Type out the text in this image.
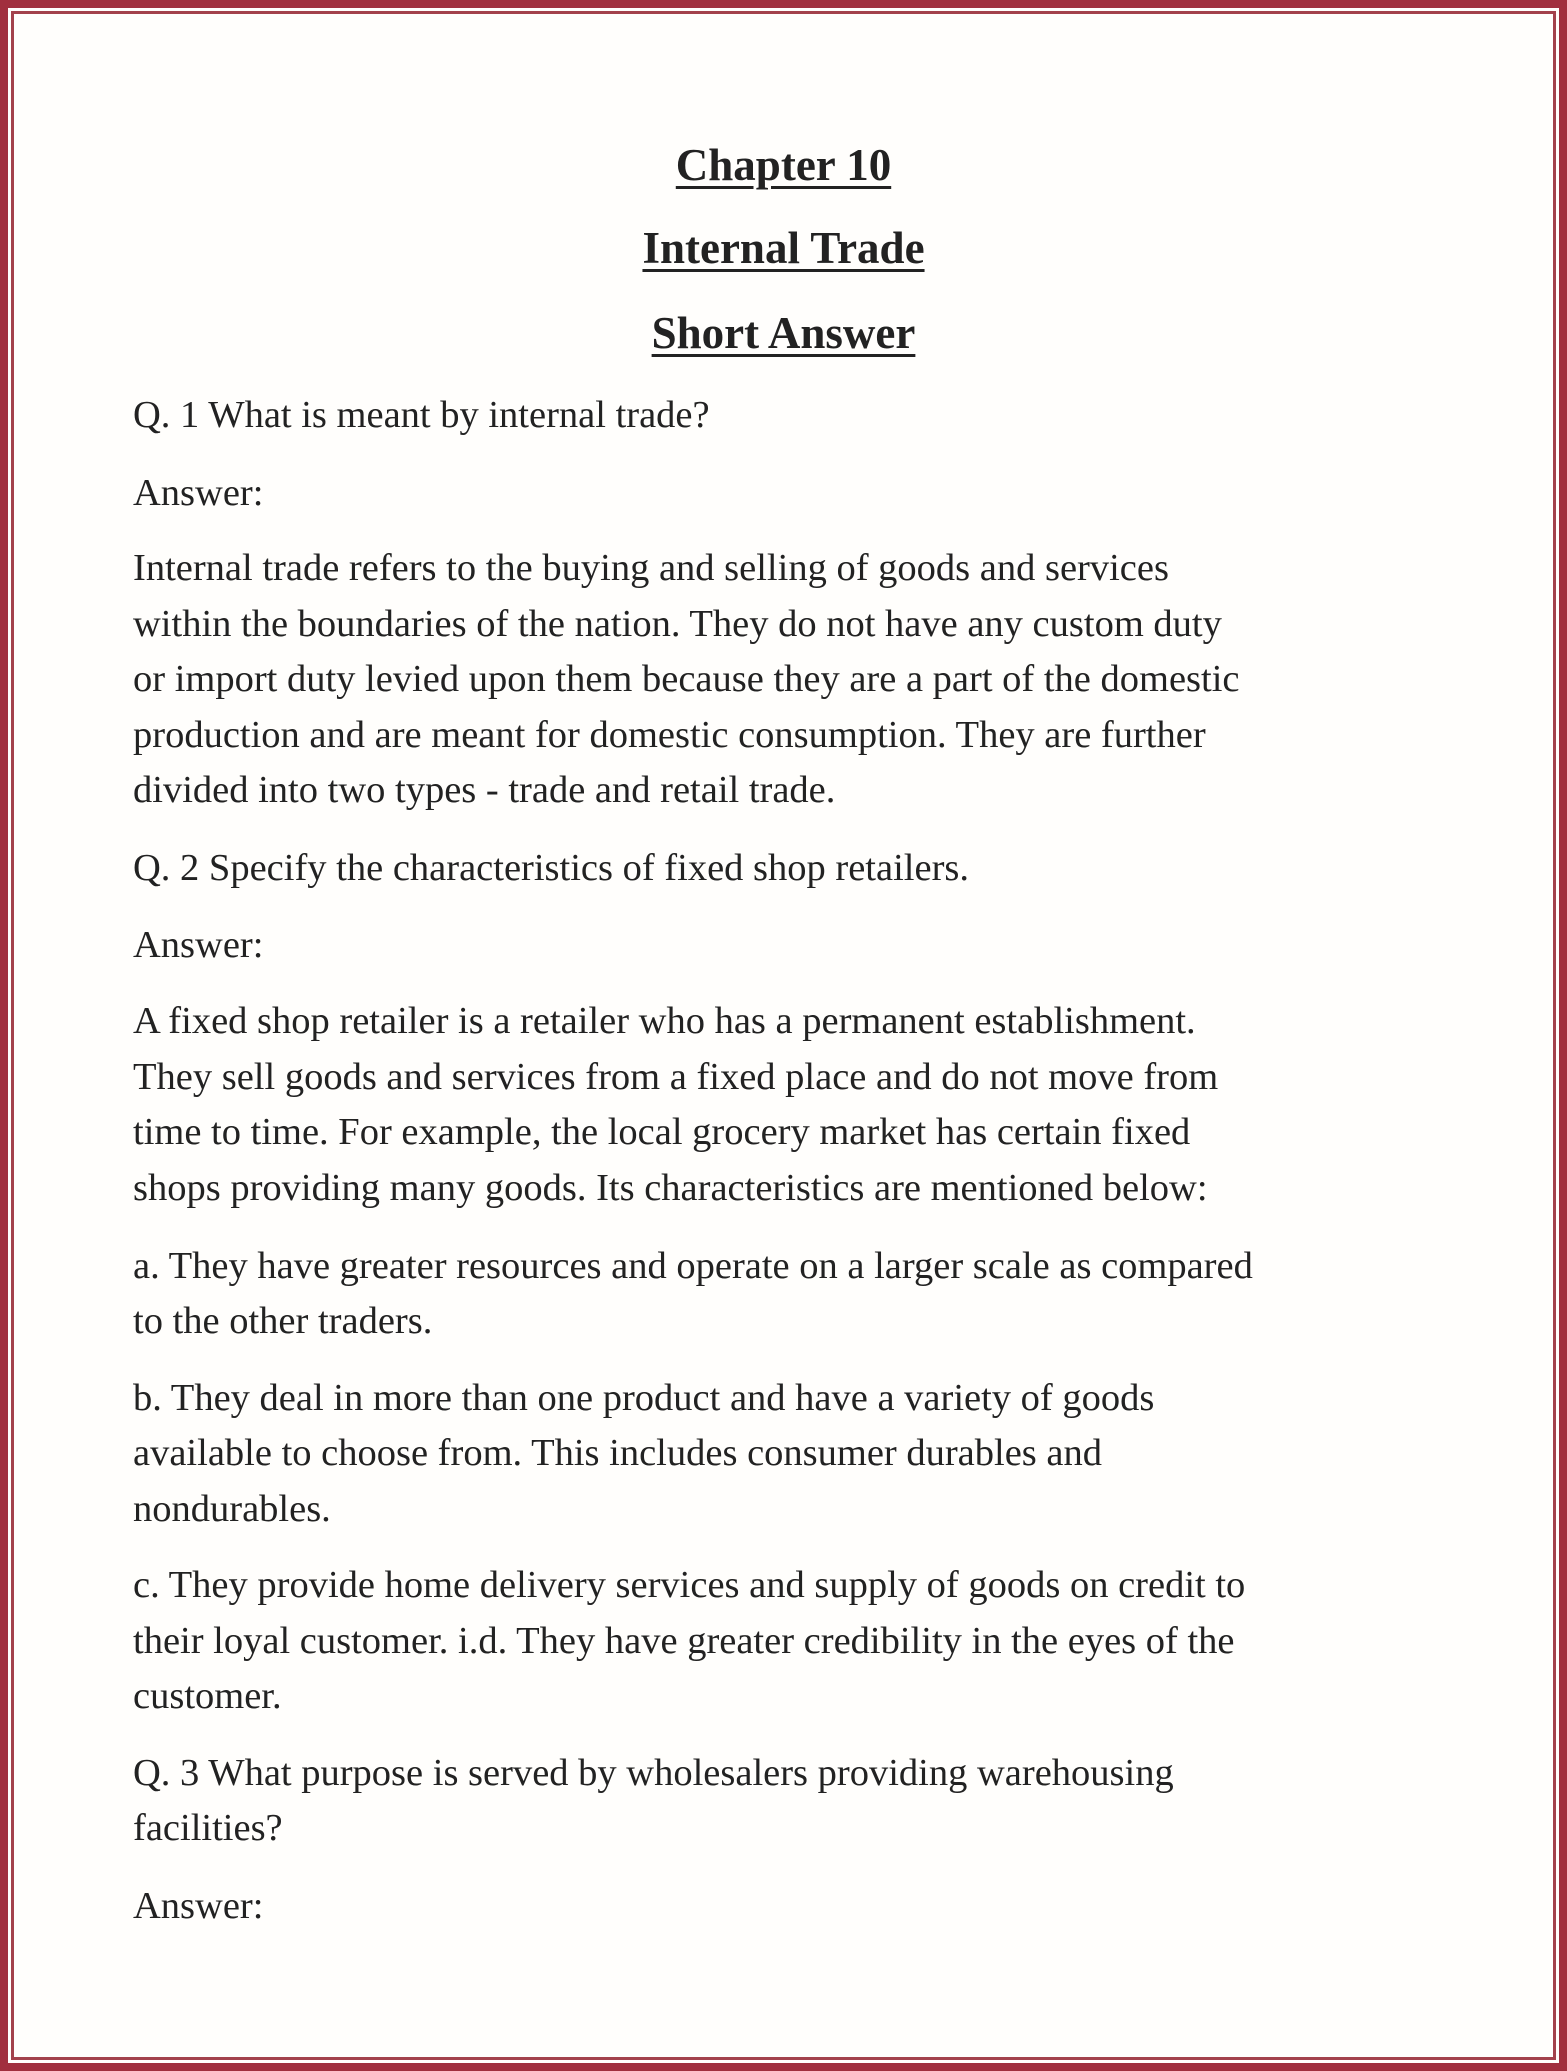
Chapter 10
Internal Trade
Short Answer
Q. 1 What is meant by internal trade?
Answer:
Internal trade refers to the buying and selling of goods and services
within the boundaries of the nation. They do not have any custom duty
or import duty levied upon them because they are a part of the domestic
production and are meant for domestic consumption. They are further
divided into two types - trade and retail trade.
Q. 2 Specify the characteristics of fixed shop retailers.
Answer:
A fixed shop retailer is a retailer who has a permanent establishment.
They sell goods and services from a fixed place and do not move from
time to time. For example, the local grocery market has certain fixed
shops providing many goods. Its characteristics are mentioned below:
a. They have greater resources and operate on a larger scale as compared
to the other traders.
b. They deal in more than one product and have a variety of goods
available to choose from. This includes consumer durables and
nondurables.
c. They provide home delivery services and supply of goods on credit to
their loyal customer. i.d. They have greater credibility in the eyes of the
customer.
Q. 3 What purpose is served by wholesalers providing warehousing
facilities?
Answer:
